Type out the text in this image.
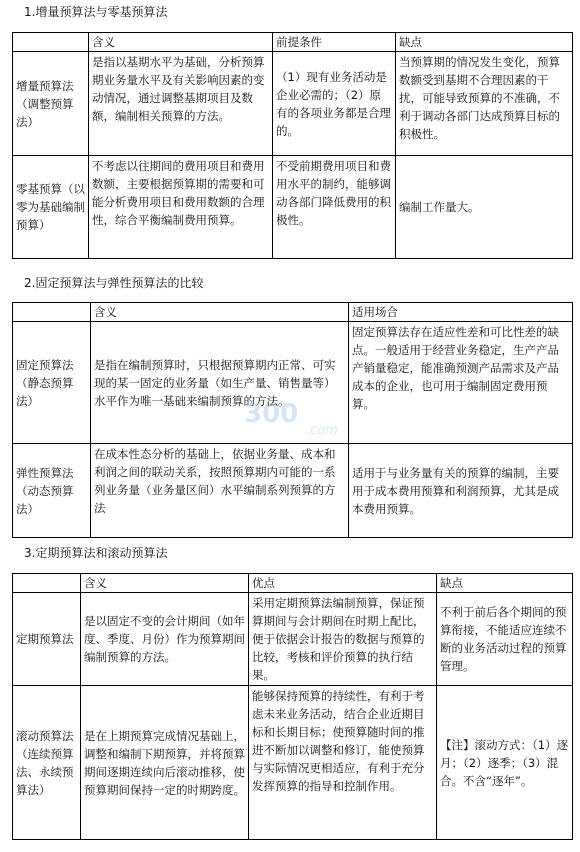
1.增量预算法与零基预算法
	含义	前提条件	缺点
增量预算法（调整预算法）	是指以基期水平为基础，分析预算期业务量水平及有关影响因素的变动情况，通过调整基期项目及数额，编制相关预算的方法。	（1）现有业务活动是企业必需的；（2）原有的各项业务都是合理的。	当预算期的情况发生变化，预算数额受到基期不合理因素的干扰，可能导致预算的不准确，不利于调动各部门达成预算目标的积极性。
零基预算（以零为基础编制预算）	不考虑以往期间的费用项目和费用数额，主要根据预算期的需要和可能分析费用项目和费用数额的合理性，综合平衡编制费用预算。	不受前期费用项目和费用水平的制约，能够调动各部门降低费用的积极性。	编制工作量大。
2.固定预算法与弹性预算法的比较
	含义	适用场合
固定预算法（静态预算法）	是指在编制预算时，只根据预算期内正常、可实现的某一固定的业务量（如生产量、销售量等）水平作为唯一基础来编制预算的方法。	固定预算法存在适应性差和可比性差的缺点。一般适用于经营业务稳定，生产产品产销量稳定，能准确预测产品需求及产品成本的企业，也可用于编制固定费用预算。
弹性预算法（动态预算法）	在成本性态分析的基础上，依据业务量、成本和利润之间的联动关系，按照预算期内可能的一系列业务量（业务量区间）水平编制系列预算的方法	适用于与业务量有关的预算的编制，主要用于成本费用预算和利润预算，尤其是成本费用预算。
3.定期预算法和滚动预算法
	含义	优点	缺点
定期预算法	是以固定不变的会计期间（如年度、季度、月份）作为预算期间编制预算的方法。	采用定期预算法编制预算，保证预算期间与会计期间在时期上配比，便于依据会计报告的数据与预算的比较，考核和评价预算的执行结果。	不利于前后各个期间的预算衔接，不能适应连续不断的业务活动过程的预算管理。
滚动预算法（连续预算法、永续预算法）	是在上期预算完成情况基础上，调整和编制下期预算，并将预算期间逐期连续向后滚动推移，使预算期间保持一定的时期跨度。	能够保持预算的持续性，有利于考虑未来业务活动，结合企业近期目标和长期目标；使预算随时间的推进不断加以调整和修订，能使预算与实际情况更相适应，有利于充分发挥预算的指导和控制作用。	【注】滚动方式：（1）逐月；（2）逐季；（3）混合。不含“逐年”。
300
.com
